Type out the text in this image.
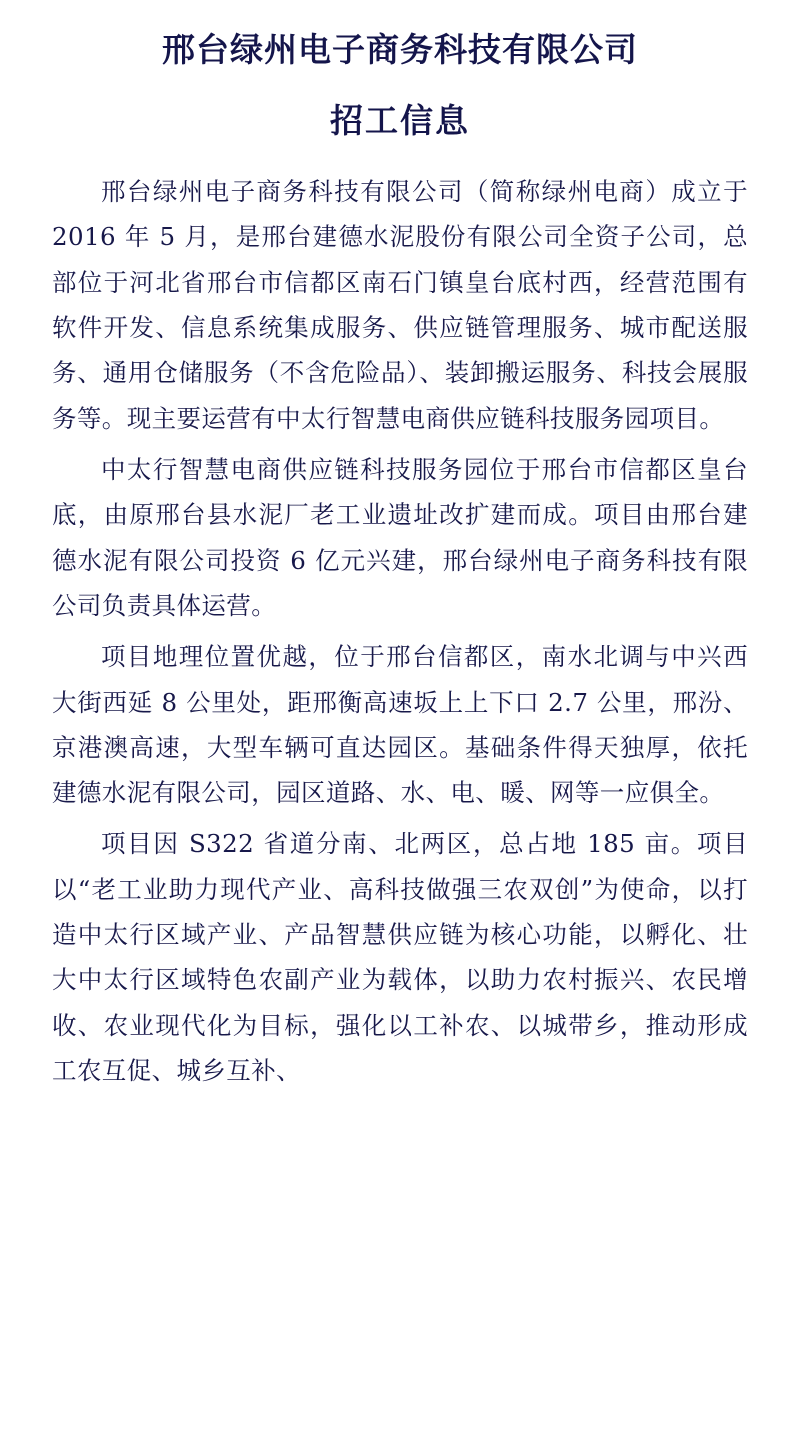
邢台绿州电子商务科技有限公司
招工信息

邢台绿州电子商务科技有限公司（简称绿州电商）成立于 2016 年 5 月，是邢台建德水泥股份有限公司全资子公司，总部位于河北省邢台市信都区南石门镇皇台底村西，经营范围有软件开发、信息系统集成服务、供应链管理服务、城市配送服务、通用仓储服务（不含危险品）、装卸搬运服务、科技会展服务等。现主要运营有中太行智慧电商供应链科技服务园项目。

中太行智慧电商供应链科技服务园位于邢台市信都区皇台底，由原邢台县水泥厂老工业遗址改扩建而成。项目由邢台建德水泥有限公司投资 6 亿元兴建，邢台绿州电子商务科技有限公司负责具体运营。

项目地理位置优越，位于邢台信都区，南水北调与中兴西大街西延 8 公里处，距邢衡高速坂上上下口 2.7 公里，邢汾、京港澳高速，大型车辆可直达园区。基础条件得天独厚，依托建德水泥有限公司，园区道路、水、电、暖、网等一应俱全。

项目因 S322 省道分南、北两区，总占地 185 亩。项目以“老工业助力现代产业、高科技做强三农双创”为使命，以打造中太行区域产业、产品智慧供应链为核心功能，以孵化、壮大中太行区域特色农副产业为载体，以助力农村振兴、农民增收、农业现代化为目标，强化以工补农、以城带乡，推动形成工农互促、城乡互补、
